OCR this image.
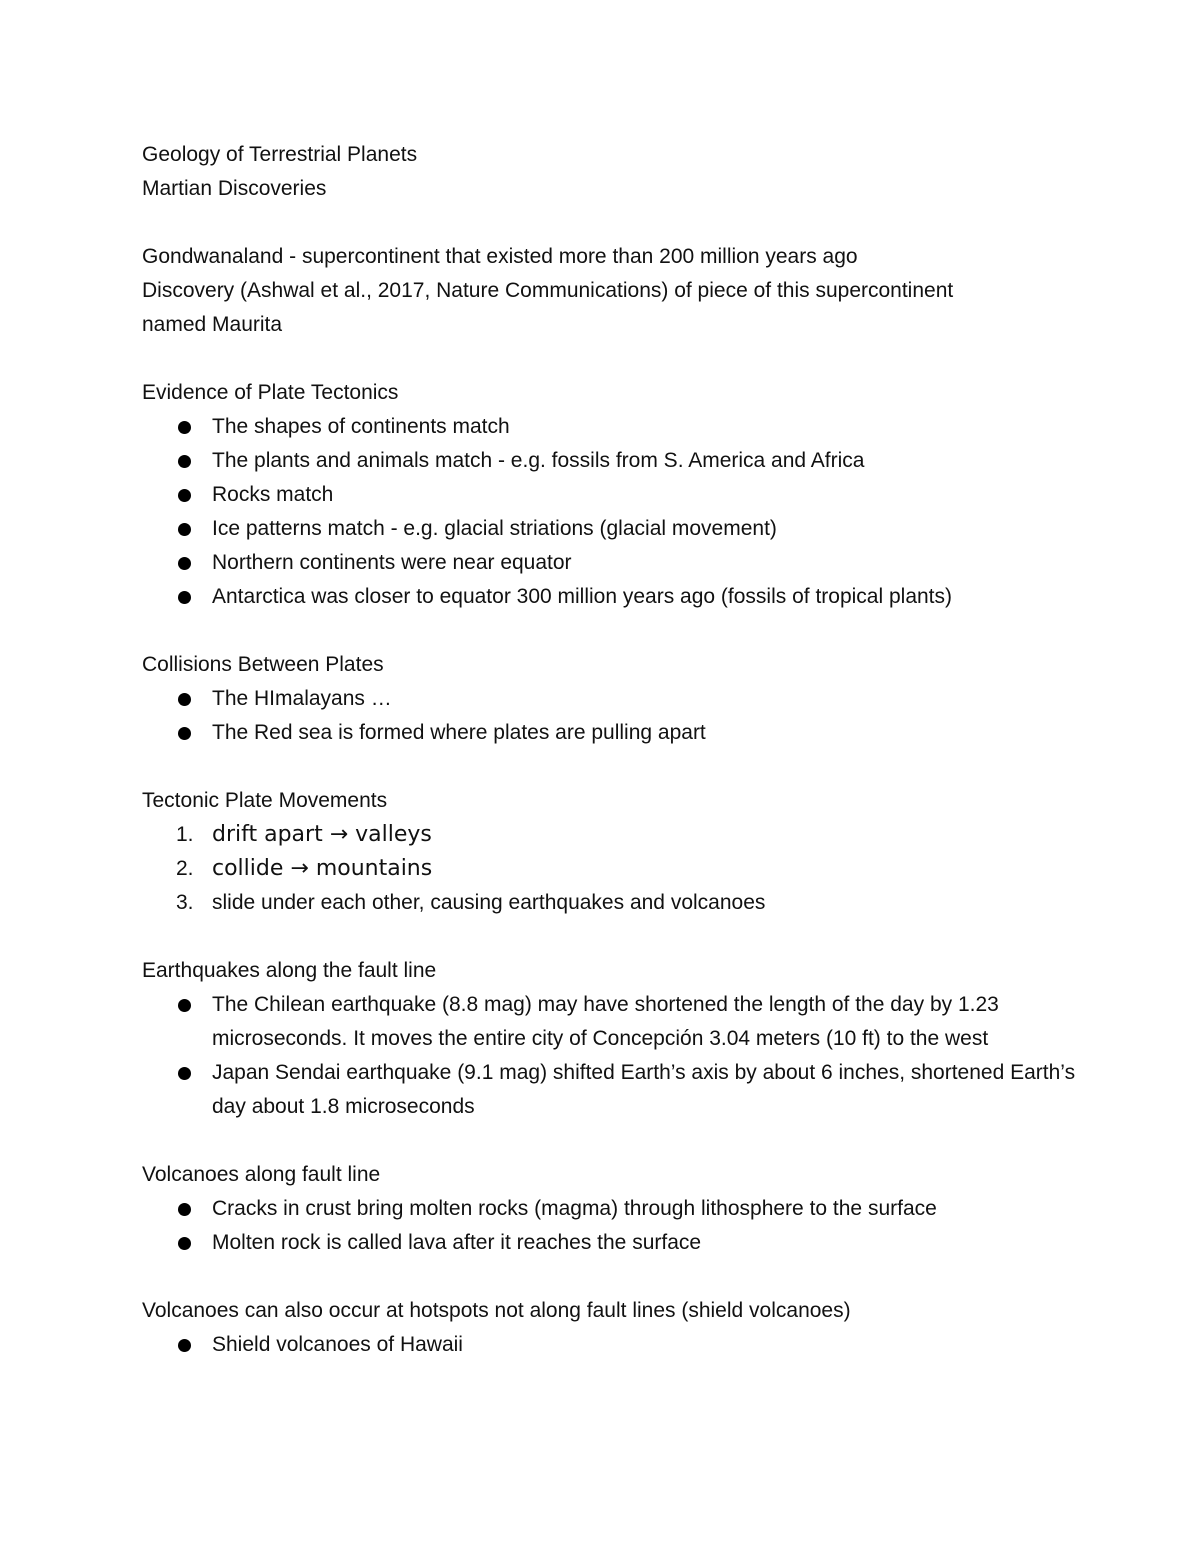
Geology of Terrestrial Planets

Martian Discoveries

Gondwanaland - supercontinent that existed more than 200 million years ago

Discovery (Ashwal et al., 2017, Nature Communications) of piece of this supercontinent

named Maurita

Evidence of Plate Tectonics

The shapes of continents match
The plants and animals match - e.g. fossils from S. America and Africa
Rocks match
Ice patterns match - e.g. glacial striations (glacial movement)
Northern continents were near equator
Antarctica was closer to equator 300 million years ago (fossils of tropical plants)

Collisions Between Plates

The HImalayans …
The Red sea is formed where plates are pulling apart

Tectonic Plate Movements

1. drift apart → valleys
2. collide → mountains
3. slide under each other, causing earthquakes and volcanoes

Earthquakes along the fault line

The Chilean earthquake (8.8 mag) may have shortened the length of the day by 1.23 microseconds. It moves the entire city of Concepción 3.04 meters (10 ft) to the west
Japan Sendai earthquake (9.1 mag) shifted Earth’s axis by about 6 inches, shortened Earth’s day about 1.8 microseconds

Volcanoes along fault line

Cracks in crust bring molten rocks (magma) through lithosphere to the surface
Molten rock is called lava after it reaches the surface

Volcanoes can also occur at hotspots not along fault lines (shield volcanoes)

Shield volcanoes of Hawaii
